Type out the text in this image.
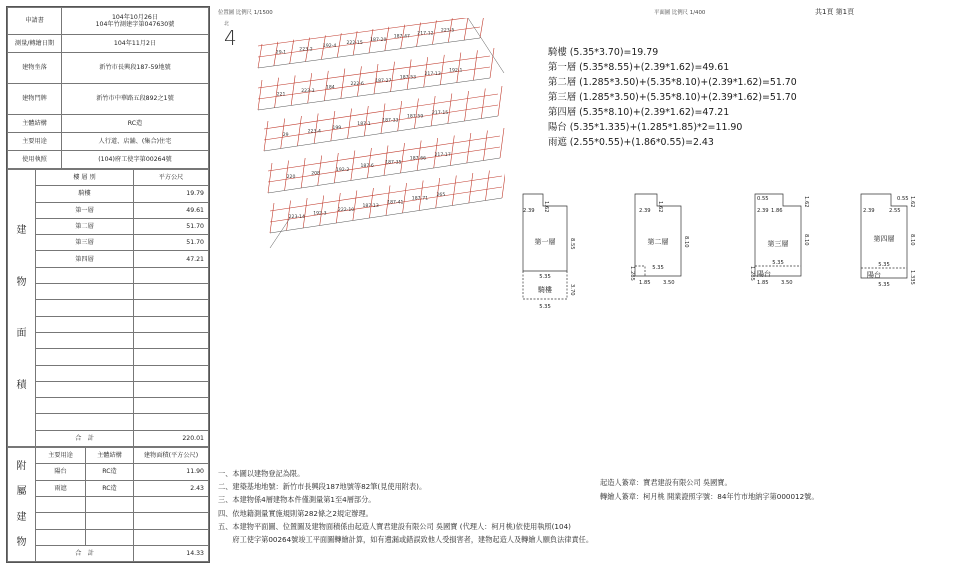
申請書	104年10月26日
104年竹測建字第047630號

測量/轉繪日期	104年11月2日
建物坐落	新竹市長興段187-59地號
建物門牌	新竹市中華路五段892之1號
主體結構	RC造
主要用途	人行道、店舖、(集合)住宅
使用執照	(104)府工使字第00264號
建
物
面
積	樓 層 別	平方公尺
	騎樓	19.79
	第一層	49.61
	第二層	51.70
	第三層	51.70
	第四層	47.21

	合　計	220.01
附
屬
建
物	主要用途	主體結構	建物面積(平方公尺)
	陽台	RC造	11.90
	雨遮	RC造	2.43

	合　計		14.33
位置圖 比例尺 1/1500	平面圖 比例尺 1/400	共1頁 第1頁
北
4
29-1
221
29
220
223-14
223-2
223-3
223-4
208
192-3
192-4
184
199
192-2
222-10
222-15
222-6
187-1
187-6
187-13
187-20
187-27
187-33
187-35
187-41
187-47
187-53
187-59
187-66
187-71
217-12
217-13
217-15
217-17
265
223-5
192-1
騎樓 (5.35*3.70)=19.79
第一層 (5.35*8.55)+(2.39*1.62)=49.61
第二層 (1.285*3.50)+(5.35*8.10)+(2.39*1.62)=51.70
第三層 (1.285*3.50)+(5.35*8.10)+(2.39*1.62)=51.70
第四層 (5.35*8.10)+(2.39*1.62)=47.21
陽台 (5.35*1.335)+(1.285*1.85)*2=11.90
雨遮 (2.55*0.55)+(1.86*0.55)=2.43
2.39 1.62
第一層	8.55
5.35
騎樓	3.70
5.35
2.39 1.62
第二層	8.10
5.35
1.285
1.85 3.50
2.39 1.86
0.55	1.62
第三層	8.10
5.35
1.285 陽台
1.85 3.50
2.39	2.55
0.55 1.62
第四層	8.10
5.35
陽台	1.335
5.35
一、本圖以建物登記為限。
二、建築基地地號：新竹市長興段187地號等82筆(見使用附表)。
三、本建物係4層建物本件僅測量第1至4層部分。
四、依地籍測量實施規則第282條之2規定辦理。
五、本建物平面圖、位置圖及建物面積係由起造人寶君建設有限公司 吳國寶 (代理人：柯月桃)依使用執照(104)
　　府工使字第00264號竣工平面圖轉繪計算，如有遺漏或錯誤致他人受損害者，建物起造人及轉繪人願負法律責任。
起造人簽章：寶君建設有限公司 吳國寶。
轉繪人簽章：柯月桃 開業證照字號：84年竹市地納字第000012號。
